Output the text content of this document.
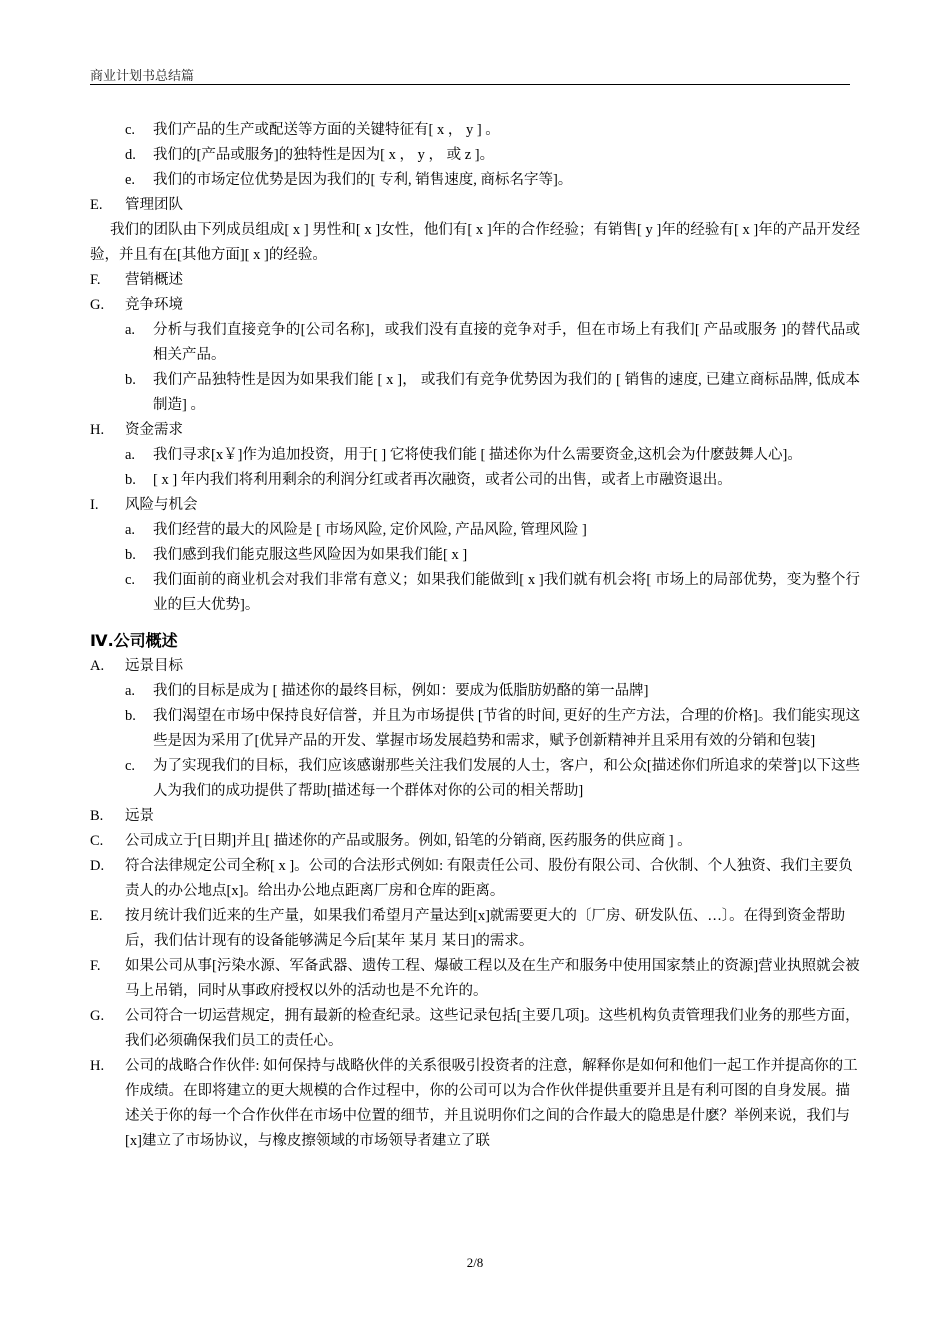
商业计划书总结篇
c. 我们产品的生产或配送等方面的关键特征有[ x ， y ] 。
d. 我们的[产品或服务]的独特性是因为[ x ， y ， 或 z ]。
e. 我们的市场定位优势是因为我们的[ 专利, 销售速度, 商标名字等]。
E. 管理团队
我们的团队由下列成员组成[ x ] 男性和[ x ]女性，他们有[ x ]年的合作经验；有销售[ y ]年的经验有[ x ]年的产品开发经验，并且有在[其他方面][ x ]的经验。
F. 营销概述
G. 竞争环境
a. 分析与我们直接竞争的[公司名称]，或我们没有直接的竞争对手，但在市场上有我们[ 产品或服务 ]的替代品或相关产品。
b. 我们产品独特性是因为如果我们能 [ x ]， 或我们有竞争优势因为我们的 [ 销售的速度, 已建立商标品牌, 低成本制造] 。
H. 资金需求
a. 我们寻求[x￥]作为追加投资，用于[ ] 它将使我们能 [ 描述你为什么需要资金,这机会为什麽鼓舞人心]。
b. [ x ] 年内我们将利用剩余的利润分红或者再次融资，或者公司的出售，或者上市融资退出。
I. 风险与机会
a. 我们经营的最大的风险是 [ 市场风险, 定价风险, 产品风险, 管理风险 ]
b. 我们感到我们能克服这些风险因为如果我们能[ x ]
c. 我们面前的商业机会对我们非常有意义；如果我们能做到[ x ]我们就有机会将[ 市场上的局部优势，变为整个行业的巨大优势]。
Ⅳ.公司概述
A. 远景目标
a. 我们的目标是成为 [ 描述你的最终目标，例如：要成为低脂肪奶酪的第一品牌]
b. 我们渴望在市场中保持良好信誉，并且为市场提供 [节省的时间, 更好的生产方法，合理的价格]。我们能实现这些是因为采用了[优异产品的开发、掌握市场发展趋势和需求，赋予创新精神并且采用有效的分销和包装]
c. 为了实现我们的目标，我们应该感谢那些关注我们发展的人士，客户，和公众[描述你们所追求的荣誉]以下这些人为我们的成功提供了帮助[描述每一个群体对你的公司的相关帮助]
B. 远景
C. 公司成立于[日期]并且[ 描述你的产品或服务。例如, 铅笔的分销商, 医药服务的供应商 ] 。
D. 符合法律规定公司全称[ x ]。公司的合法形式例如: 有限责任公司、股份有限公司、合伙制、个人独资、我们主要负责人的办公地点[x]。给出办公地点距离厂房和仓库的距离。
E. 按月统计我们近来的生产量，如果我们希望月产量达到[x]就需要更大的〔厂房、研发队伍、…〕。在得到资金帮助后，我们估计现有的设备能够满足今后[某年 某月 某日]的需求。
F. 如果公司从事[污染水源、军备武器、遗传工程、爆破工程以及在生产和服务中使用国家禁止的资源]营业执照就会被马上吊销，同时从事政府授权以外的活动也是不允许的。
G. 公司符合一切运营规定，拥有最新的检查纪录。这些记录包括[主要几项]。这些机构负责管理我们业务的那些方面，我们必须确保我们员工的责任心。
H. 公司的战略合作伙伴: 如何保持与战略伙伴的关系很吸引投资者的注意，解释你是如何和他们一起工作并提高你的工作成绩。在即将建立的更大规模的合作过程中，你的公司可以为合作伙伴提供重要并且是有利可图的自身发展。描述关于你的每一个合作伙伴在市场中位置的细节，并且说明你们之间的合作最大的隐患是什麽？举例来说，我们与[x]建立了市场协议，与橡皮擦领域的市场领导者建立了联
2/8
